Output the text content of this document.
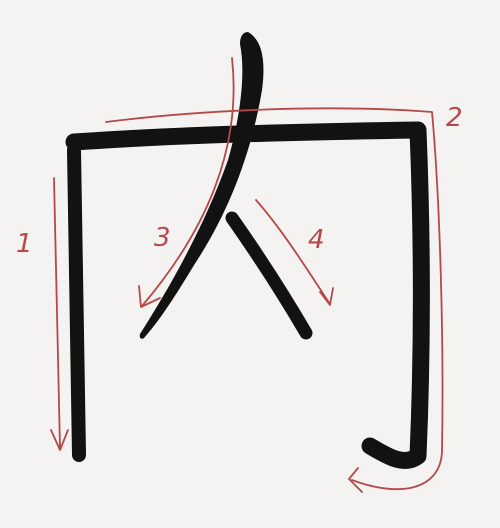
1
2
3	4
